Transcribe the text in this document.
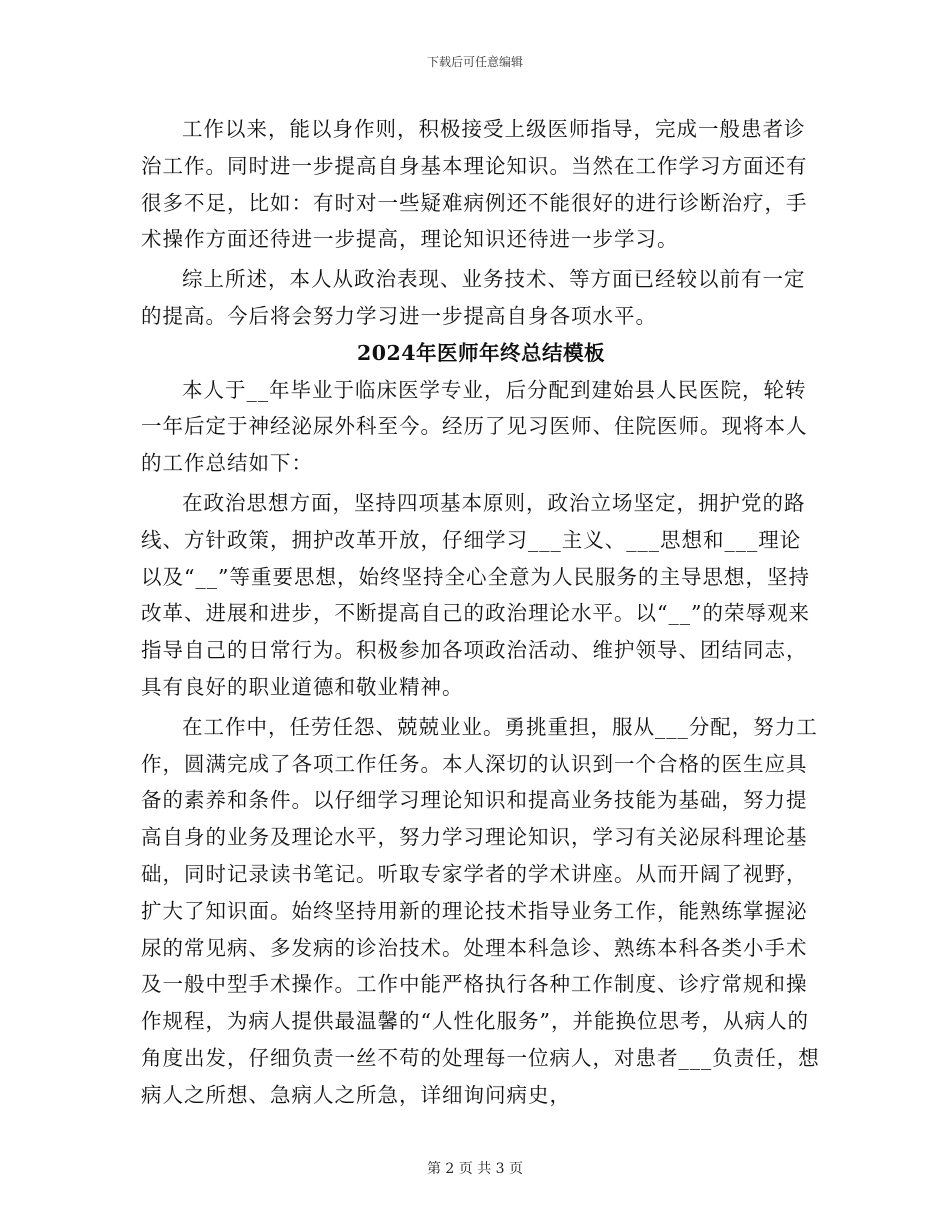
下载后可任意编辑

工作以来，能以身作则，积极接受上级医师指导，完成一般患者诊治工作。同时进一步提高自身基本理论知识。当然在工作学习方面还有很多不足，比如：有时对一些疑难病例还不能很好的进行诊断治疗，手术操作方面还待进一步提高，理论知识还待进一步学习。

综上所述，本人从政治表现、业务技术、等方面已经较以前有一定的提高。今后将会努力学习进一步提高自身各项水平。

2024年医师年终总结模板

本人于__年毕业于临床医学专业，后分配到建始县人民医院，轮转一年后定于神经泌尿外科至今。经历了见习医师、住院医师。现将本人的工作总结如下：

在政治思想方面，坚持四项基本原则，政治立场坚定，拥护党的路线、方针政策，拥护改革开放，仔细学习___主义、___思想和___理论以及“__”等重要思想，始终坚持全心全意为人民服务的主导思想，坚持改革、进展和进步，不断提高自己的政治理论水平。以“__”的荣辱观来指导自己的日常行为。积极参加各项政治活动、维护领导、团结同志，具有良好的职业道德和敬业精神。

在工作中，任劳任怨、兢兢业业。勇挑重担，服从___分配，努力工作，圆满完成了各项工作任务。本人深切的认识到一个合格的医生应具备的素养和条件。以仔细学习理论知识和提高业务技能为基础，努力提高自身的业务及理论水平，努力学习理论知识，学习有关泌尿科理论基础，同时记录读书笔记。听取专家学者的学术讲座。从而开阔了视野，扩大了知识面。始终坚持用新的理论技术指导业务工作，能熟练掌握泌尿的常见病、多发病的诊治技术。处理本科急诊、熟练本科各类小手术及一般中型手术操作。工作中能严格执行各种工作制度、诊疗常规和操作规程，为病人提供最温馨的“人性化服务”，并能换位思考，从病人的角度出发，仔细负责一丝不苟的处理每一位病人，对患者___负责任，想病人之所想、急病人之所急，详细询问病史，

第 2 页 共 3 页
